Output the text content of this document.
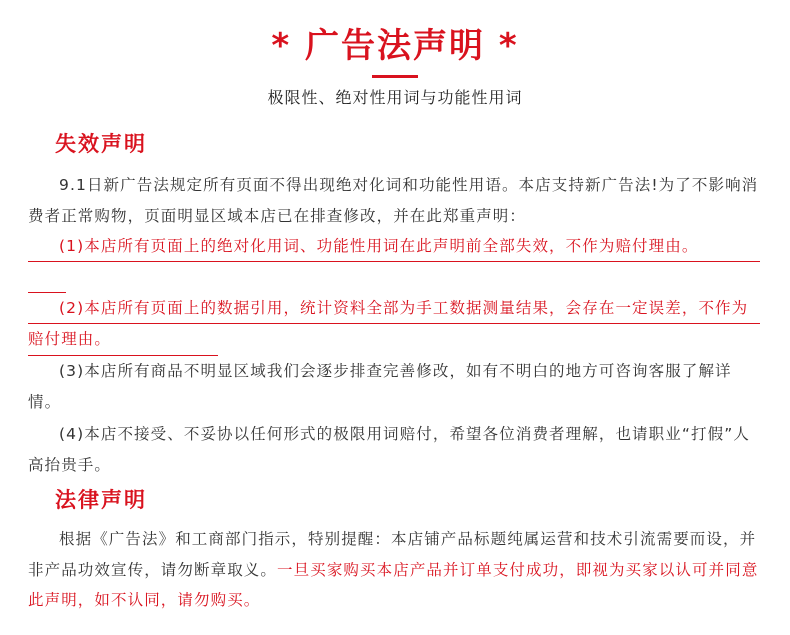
* 广告法声明 *
极限性、绝对性用词与功能性用词
失效声明

9.1日新广告法规定所有页面不得出现绝对化词和功能性用语。本店支持新广告法!为了不影响消费者正常购物，页面明显区域本店已在排查修改，并在此郑重声明：

(1)本店所有页面上的绝对化用词、功能性用词在此声明前全部失效，不作为赔付理由。

(2)本店所有页面上的数据引用，统计资料全部为手工数据测量结果，会存在一定误差，不作为赔付理由。

(3)本店所有商品不明显区域我们会逐步排查完善修改，如有不明白的地方可咨询客服了解详情。

(4)本店不接受、不妥协以任何形式的极限用词赔付，希望各位消费者理解，也请职业“打假”人高抬贵手。

法律声明

根据《广告法》和工商部门指示，特别提醒：本店铺产品标题纯属运营和技术引流需要而设，并非产品功效宣传，请勿断章取义。一旦买家购买本店产品并订单支付成功，即视为买家以认可并同意此声明，如不认同，请勿购买。
